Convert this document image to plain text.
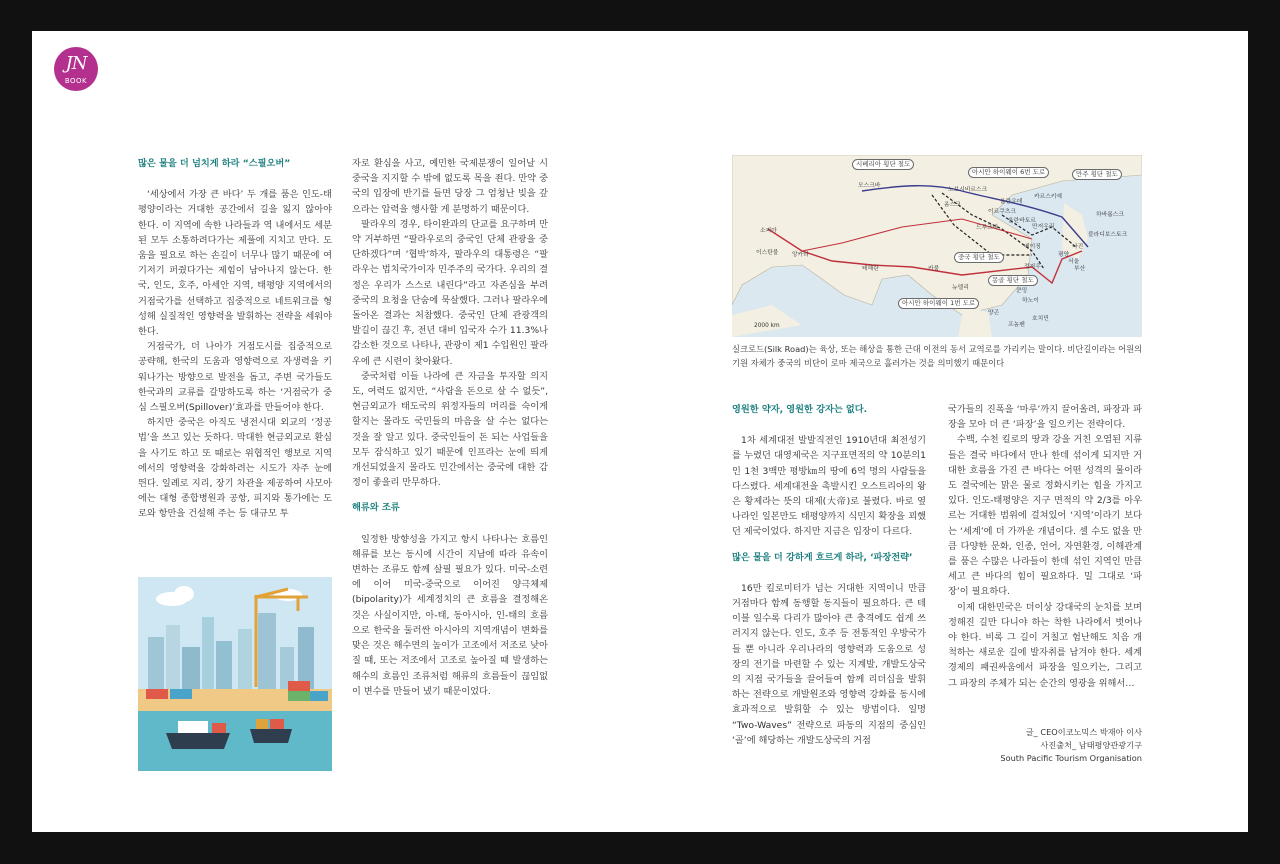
JN
BOOK

많은 물을 더 넘치게 하라 “스필오버”

‘세상에서 가장 큰 바다’ 두 개를 품은 인도-태평양이라는 거대한 공간에서 길을 잃지 않아야 한다. 이 지역에 속한 나라들과 역 내에서도 세분된 모두 소통하려다가는 제풀에 지치고 만다. 도움을 필요로 하는 손길이 너무나 많기 때문에 여기저기 퍼줬다가는 제힘이 남아나지 않는다. 한국, 인도, 호주, 아세안 지역, 태평양 지역에서의 거점국가를 선택하고 집중적으로 네트워크를 형성해 실질적인 영향력을 발휘하는 전략을 세워야 한다.

거점국가, 더 나아가 거점도시를 집중적으로 공략해, 한국의 도움과 영향력으로 자생력을 키워나가는 방향으로 발전을 돕고, 주변 국가들도 한국과의 교류를 갈망하도록 하는 ‘거점국가 중심 스필오버(Spillover)’효과를 만들어야 한다.

하지만 중국은 아직도 냉전시대 외교의 ‘정공법’을 쓰고 있는 듯하다. 막대한 현금외교로 환심을 사기도 하고 또 때로는 위협적인 행보로 지역에서의 영향력을 강화하려는 시도가 자주 눈에 띈다. 일례로 지리, 장기 차관을 제공하여 사모아에는 대형 종합병원과 공항, 피지와 통가에는 도로와 항만을 건설해 주는 등 대규모 투

자로 환심을 사고, 예민한 국제분쟁이 일어날 시 중국을 지지할 수 밖에 없도록 목을 죈다. 만약 중국의 입장에 반기를 들면 당장 그 엄청난 빚을 갚으라는 압력을 행사할 게 분명하기 때문이다.

팔라우의 경우, 타이완과의 단교를 요구하며 만약 거부하면 “팔라우로의 중국인 단체 관광을 중단하겠다”며 ‘협박’하자, 팔라우의 대통령은 “팔라우는 법치국가이자 민주주의 국가다. 우리의 결정은 우리가 스스로 내린다”라고 자존심을 부려 중국의 요청을 단숨에 묵살했다. 그러나 팔라우에 돌아온 결과는 처참했다. 중국인 단체 관광객의 발길이 끊긴 후, 전년 대비 입국자 수가 11.3%나 감소한 것으로 나타나, 관광이 제1 수입원인 팔라우에 큰 시련이 찾아왔다.

중국처럼 이들 나라에 큰 자금을 투자할 의지도, 여력도 없지만, “사람을 돈으로 살 수 없듯”, 현금외교가 태도국의 위정자들의 머리를 숙이게 할지는 몰라도 국민들의 마음을 살 수는 없다는 것을 잘 알고 있다. 중국인들이 돈 되는 사업들을 모두 잠식하고 있기 때문에 인프라는 눈에 띄게 개선되었을지 몰라도 민간에서는 중국에 대한 감정이 좋을리 만무하다.

해류와 조류

일정한 방향성을 가지고 항시 나타나는 흐름인 해류를 보는 동시에 시간이 지남에 따라 유속이 변하는 조류도 함께 살필 필요가 있다. 미국-소련에 이어 미국-중국으로 이어진 양극체제(bipolarity)가 세계정치의 큰 흐름을 결정해온 것은 사실이지만, 아-태, 동아시아, 인-태의 흐름으로 한국을 둘러싼 아시아의 지역개념이 변화를 맞은 것은 해수면의 높이가 고조에서 저조로 낮아질 때, 또는 저조에서 고조로 높아질 때 발생하는 해수의 흐름인 조류처럼 해류의 흐름들이 끊임없이 변수를 만들어 냈기 때문이었다.

시베리아 횡단 철도
아시안 하이웨이 6번 도로	만주 횡단 철도
중국 횡단 철도
몽골 횡단 철도
아시안 하이웨이 1번 도로
모스크바
노보시비르스크
카르스키예
옴스크	울란우데
이르쿠츠크	하바롭스크
드루즈바
울란바토르
만저우리
블라디보스토크
베이징	나진
평양
서울
부산
소피아
이스탄불 앙카라
테헤란	카불
뉴델리
정저우
쿤밍
하노이
양곤
프놈펜
호치민
2000 km
실크로드(Silk Road)는 육상, 또는 해상을 통한 근대 이전의 동서 교역로를 가리키는 말이다. 비단길이라는 어원의 기원 자체가 중국의 비단이 로마 제국으로 흘러가는 것을 의미했기 때문이다

영원한 약자, 영원한 강자는 없다.

1차 세계대전 발발직전인 1910년대 최전성기를 누렸던 대영제국은 지구표면적의 약 10분의1인 1천 3백만 평방㎞의 땅에 6억 명의 사람들을 다스렸다. 세계대전을 촉발시킨 오스트리아의 왕은 황제라는 뜻의 대제(大帝)로 불렸다. 바로 옆 나라인 일본만도 태평양까지 식민지 확장을 꾀했던 제국이었다. 하지만 지금은 입장이 다르다.

많은 물을 더 강하게 흐르게 하라, ‘파장전략’

16만 킬로미터가 넘는 거대한 지역이니 만큼 거점마다 함께 동행할 동지들이 필요하다. 큰 테이블 일수록 다리가 많아야 큰 충격에도 쉽게 쓰러지지 않는다. 인도, 호주 등 전통적인 우방국가들 뿐 아니라 우리나라의 영향력과 도움으로 성장의 전기를 마련할 수 있는 지계발, 개발도상국의 지점 국가들을 끌어들여 함께 리더십을 발휘하는 전략으로 개발원조와 영향력 강화를 동시에 효과적으로 발휘할 수 있는 방법이다. 일명 “Two-Waves” 전략으로 파동의 지점의 중심인 ‘골’에 해당하는 개발도상국의 거점

국가들의 진폭을 ‘마루’까지 끌어올려, 파장과 파장을 모아 더 큰 ‘파장’을 일으키는 전략이다.

수백, 수천 킬로의 땅과 강을 거친 오염된 지류들은 결국 바다에서 만나 한데 섞이게 되지만 거대한 흐름을 가진 큰 바다는 어떤 성격의 물이라도 결국에는 맑은 물로 정화시키는 힘을 가지고 있다. 인도-태평양은 지구 면적의 약 2/3를 아우르는 거대한 범위에 걸쳐있어 ‘지역’이라기 보다는 ‘세계’에 더 가까운 개념이다. 셀 수도 없을 만큼 다양한 문화, 인종, 언어, 자연환경, 이해관계를 품은 수많은 나라들이 한데 섞인 지역인 만큼 세고 큰 바다의 힘이 필요하다. 밀 그대로 ‘파장’이 필요하다.

이제 대한민국은 더이상 강대국의 눈치를 보며 정해진 길만 다니야 하는 착한 나라에서 벗어나야 한다. 비록 그 길이 거칠고 험난해도 치음 개척하는 새로운 길에 발자취를 남겨야 한다. 세계 경제의 패권싸움에서 파장을 일으키는, 그리고 그 파장의 주체가 되는 순간의 영광을 위해서…

글_ CEO이코노믹스 박재아 이사
사진출처_ 남태평양관광기구
South Pacific Tourism Organisation
